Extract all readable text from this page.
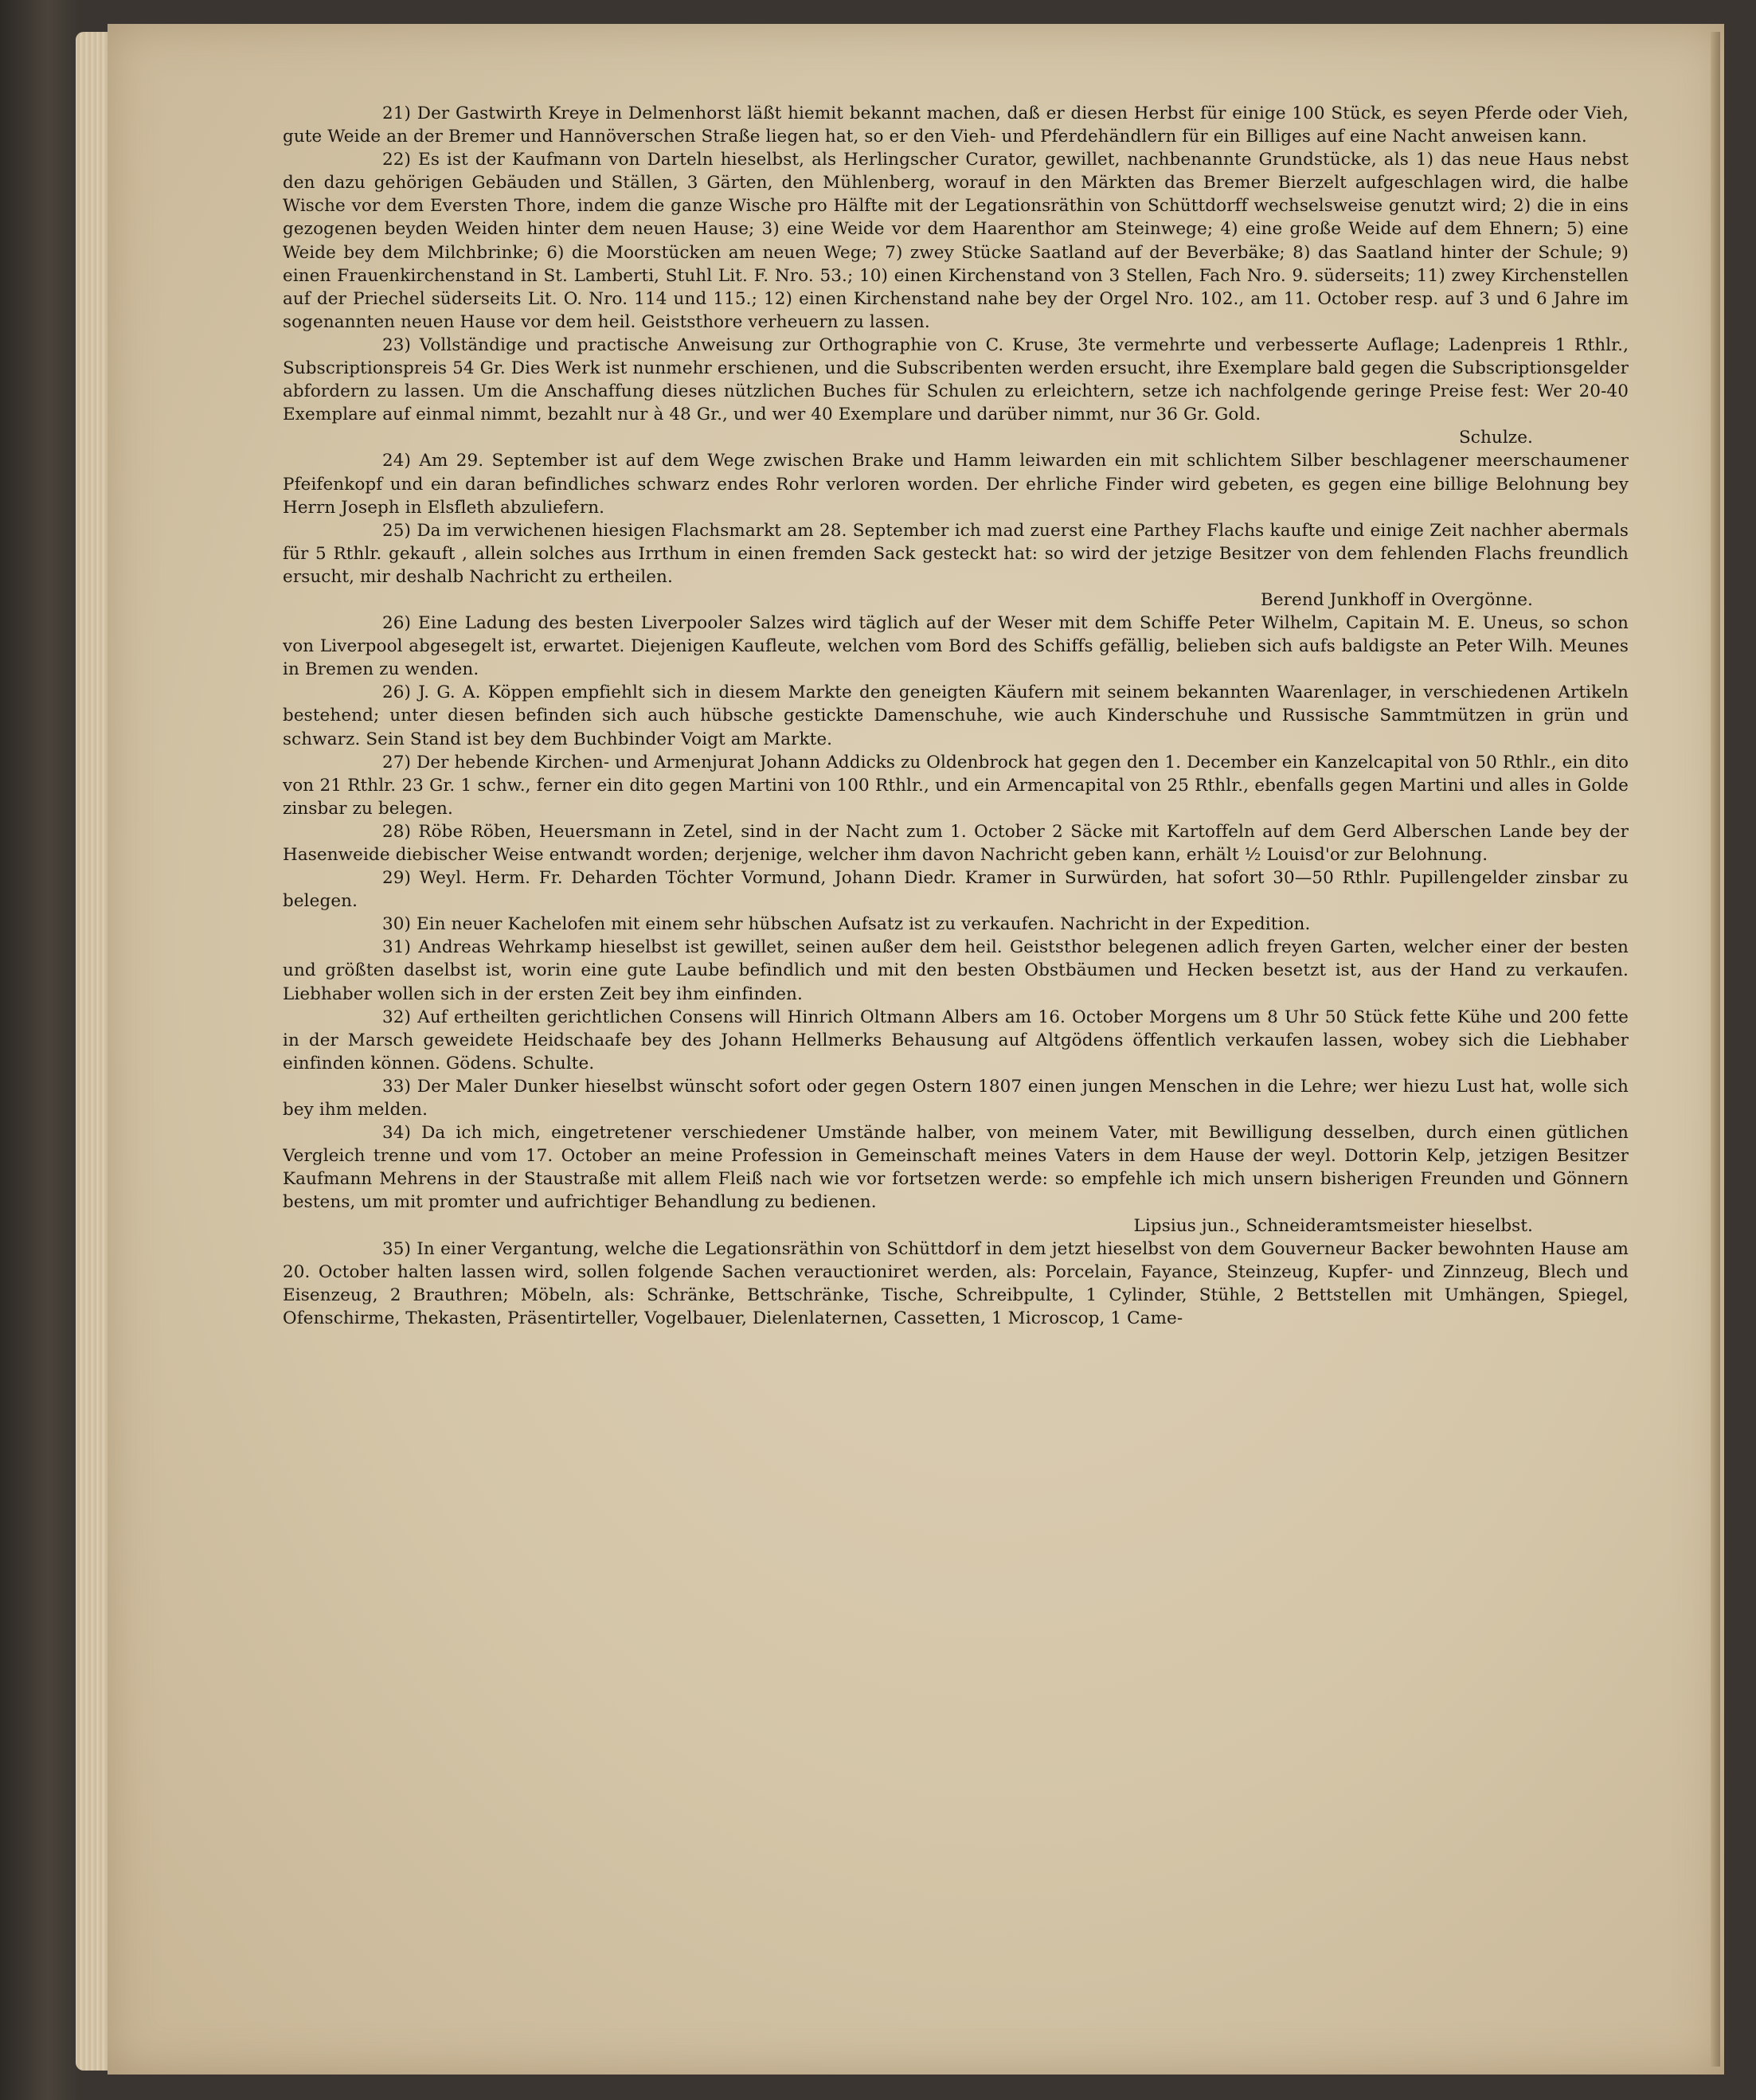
21) Der Gastwirth Kreye in Delmenhorst läßt hiemit bekannt machen, daß er diesen Herbst für einige 100 Stück, es seyen Pferde oder Vieh, gute Weide an der Bremer und Hannöverschen Straße liegen hat, so er den Vieh- und Pferdehändlern für ein Billiges auf eine Nacht anweisen kann.

22) Es ist der Kaufmann von Darteln hieselbst, als Herlingscher Curator, gewillet, nachbenannte Grundstücke, als 1) das neue Haus nebst den dazu gehörigen Gebäuden und Ställen, 3 Gärten, den Mühlenberg, worauf in den Märkten das Bremer Bierzelt aufgeschlagen wird, die halbe Wische vor dem Eversten Thore, indem die ganze Wische pro Hälfte mit der Legationsräthin von Schüttdorff wechselsweise genutzt wird; 2) die in eins gezogenen beyden Weiden hinter dem neuen Hause; 3) eine Weide vor dem Haarenthor am Steinwege; 4) eine große Weide auf dem Ehnern; 5) eine Weide bey dem Milchbrinke; 6) die Moorstücken am neuen Wege; 7) zwey Stücke Saatland auf der Beverbäke; 8) das Saatland hinter der Schule; 9) einen Frauenkirchenstand in St. Lamberti, Stuhl Lit. F. Nro. 53.; 10) einen Kirchenstand von 3 Stellen, Fach Nro. 9. süderseits; 11) zwey Kirchenstellen auf der Priechel süderseits Lit. O. Nro. 114 und 115.; 12) einen Kirchenstand nahe bey der Orgel Nro. 102., am 11. October resp. auf 3 und 6 Jahre im sogenannten neuen Hause vor dem heil. Geiststhore verheuern zu lassen.

23) Vollständige und practische Anweisung zur Orthographie von C. Kruse, 3te vermehrte und verbesserte Auflage; Ladenpreis 1 Rthlr., Subscriptionspreis 54 Gr. Dies Werk ist nunmehr erschienen, und die Subscribenten werden ersucht, ihre Exemplare bald gegen die Subscriptionsgelder abfordern zu lassen. Um die Anschaffung dieses nützlichen Buches für Schulen zu erleichtern, setze ich nachfolgende geringe Preise fest: Wer 20-40 Exemplare auf einmal nimmt, bezahlt nur à 48 Gr., und wer 40 Exemplare und darüber nimmt, nur 36 Gr. Gold.
Schulze.

24) Am 29. September ist auf dem Wege zwischen Brake und Hamm leiwarden ein mit schlichtem Silber beschlagener meerschaumener Pfeifenkopf und ein daran befindliches schwarz endes Rohr verloren worden. Der ehrliche Finder wird gebeten, es gegen eine billige Belohnung bey Herrn Joseph in Elsfleth abzuliefern.

25) Da im verwichenen hiesigen Flachsmarkt am 28. September ich mad zuerst eine Parthey Flachs kaufte und einige Zeit nachher abermals für 5 Rthlr. gekauft , allein solches aus Irrthum in einen fremden Sack gesteckt hat: so wird der jetzige Besitzer von dem fehlenden Flachs freundlich ersucht, mir deshalb Nachricht zu ertheilen.
Berend Junkhoff in Overgönne.

26) Eine Ladung des besten Liverpooler Salzes wird täglich auf der Weser mit dem Schiffe Peter Wilhelm, Capitain M. E. Uneus, so schon von Liverpool abgesegelt ist, erwartet. Diejenigen Kaufleute, welchen vom Bord des Schiffs gefällig, belieben sich aufs baldigste an Peter Wilh. Meunes in Bremen zu wenden.

26) J. G. A. Köppen empfiehlt sich in diesem Markte den geneigten Käufern mit seinem bekannten Waarenlager, in verschiedenen Artikeln bestehend; unter diesen befinden sich auch hübsche gestickte Damenschuhe, wie auch Kinderschuhe und Russische Sammtmützen in grün und schwarz. Sein Stand ist bey dem Buchbinder Voigt am Markte.

27) Der hebende Kirchen- und Armenjurat Johann Addicks zu Oldenbrock hat gegen den 1. December ein Kanzelcapital von 50 Rthlr., ein dito von 21 Rthlr. 23 Gr. 1 schw., ferner ein dito gegen Martini von 100 Rthlr., und ein Armencapital von 25 Rthlr., ebenfalls gegen Martini und alles in Golde zinsbar zu belegen.

28) Röbe Röben, Heuersmann in Zetel, sind in der Nacht zum 1. October 2 Säcke mit Kartoffeln auf dem Gerd Alberschen Lande bey der Hasenweide diebischer Weise entwandt worden; derjenige, welcher ihm davon Nachricht geben kann, erhält ½ Louisd'or zur Belohnung.

29) Weyl. Herm. Fr. Deharden Töchter Vormund, Johann Diedr. Kramer in Surwürden, hat sofort 30—50 Rthlr. Pupillengelder zinsbar zu belegen.

30) Ein neuer Kachelofen mit einem sehr hübschen Aufsatz ist zu verkaufen. Nachricht in der Expedition.

31) Andreas Wehrkamp hieselbst ist gewillet, seinen außer dem heil. Geiststhor belegenen adlich freyen Garten, welcher einer der besten und größten daselbst ist, worin eine gute Laube befindlich und mit den besten Obstbäumen und Hecken besetzt ist, aus der Hand zu verkaufen. Liebhaber wollen sich in der ersten Zeit bey ihm einfinden.

32) Auf ertheilten gerichtlichen Consens will Hinrich Oltmann Albers am 16. October Morgens um 8 Uhr 50 Stück fette Kühe und 200 fette in der Marsch geweidete Heidschaafe bey des Johann Hellmerks Behausung auf Altgödens öffentlich verkaufen lassen, wobey sich die Liebhaber einfinden können. Gödens. Schulte.

33) Der Maler Dunker hieselbst wünscht sofort oder gegen Ostern 1807 einen jungen Menschen in die Lehre; wer hiezu Lust hat, wolle sich bey ihm melden.

34) Da ich mich, eingetretener verschiedener Umstände halber, von meinem Vater, mit Bewilligung desselben, durch einen gütlichen Vergleich trenne und vom 17. October an meine Profession in Gemeinschaft meines Vaters in dem Hause der weyl. Dottorin Kelp, jetzigen Besitzer Kaufmann Mehrens in der Staustraße mit allem Fleiß nach wie vor fortsetzen werde: so empfehle ich mich unsern bisherigen Freunden und Gönnern bestens, um mit promter und aufrichtiger Behandlung zu bedienen.
Lipsius jun., Schneideramtsmeister hieselbst.

35) In einer Vergantung, welche die Legationsräthin von Schüttdorf in dem jetzt hieselbst von dem Gouverneur Backer bewohnten Hause am 20. October halten lassen wird, sollen folgende Sachen verauctioniret werden, als: Porcelain, Fayance, Steinzeug, Kupfer- und Zinnzeug, Blech und Eisenzeug, 2 Brauthren; Möbeln, als: Schränke, Bettschränke, Tische, Schreibpulte, 1 Cylinder, Stühle, 2 Bettstellen mit Umhängen, Spiegel, Ofenschirme, Thekasten, Präsentirteller, Vogelbauer, Dielenlaternen, Cassetten, 1 Microscop, 1 Came-
